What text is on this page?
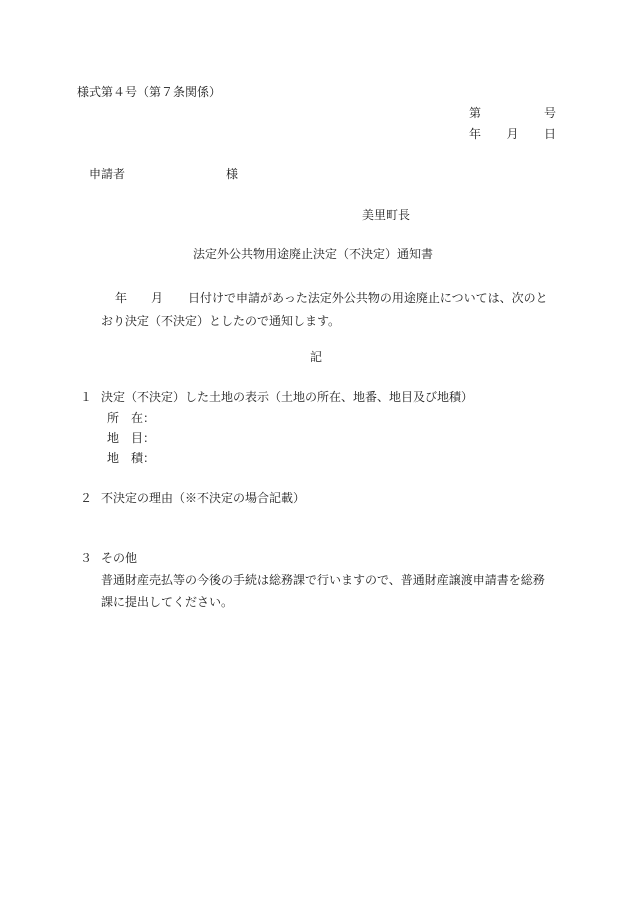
様式第４号（第７条関係）
第	号
年 月 日
申請者	様
美里町長
法定外公共物用途廃止決定（不決定）通知書
年 月 日付けで申請があった法定外公共物の用途廃止については、次のと
おり決定（不決定）としたので通知します。
記
１ 決定（不決定）した土地の表示（土地の所在、地番、地目及び地積）
所　在：
地　目：
地　積：
２ 不決定の理由（※不決定の場合記載）
３ その他
普通財産売払等の今後の手続は総務課で行いますので、普通財産譲渡申請書を総務
課に提出してください。
